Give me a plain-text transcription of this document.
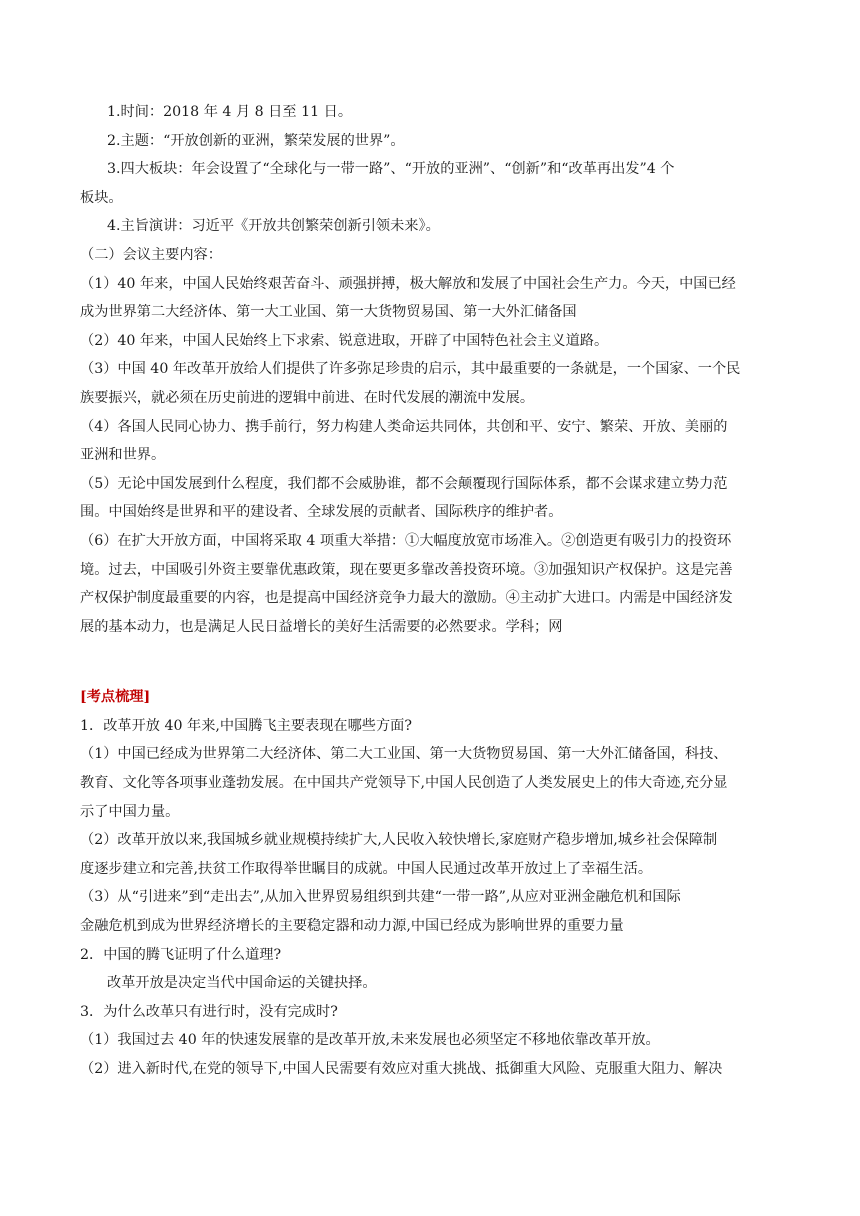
1.时间：2018 年 4 月 8 日至 11 日。
2.主题：“开放创新的亚洲，繁荣发展的世界”。
3.四大板块：年会设置了“全球化与一带一路”、“开放的亚洲”、“创新”和“改革再出发”4 个
板块。
4.主旨演讲：习近平《开放共创繁荣创新引领未来》。
（二）会议主要内容：
（1）40 年来，中国人民始终艰苦奋斗、顽强拼搏，极大解放和发展了中国社会生产力。今天，中国已经
成为世界第二大经济体、第一大工业国、第一大货物贸易国、第一大外汇储备国
（2）40 年来，中国人民始终上下求索、锐意进取，开辟了中国特色社会主义道路。
（3）中国 40 年改革开放给人们提供了许多弥足珍贵的启示，其中最重要的一条就是，一个国家、一个民
族要振兴，就必须在历史前进的逻辑中前进、在时代发展的潮流中发展。
（4）各国人民同心协力、携手前行，努力构建人类命运共同体，共创和平、安宁、繁荣、开放、美丽的
亚洲和世界。
（5）无论中国发展到什么程度，我们都不会威胁谁，都不会颠覆现行国际体系，都不会谋求建立势力范
围。中国始终是世界和平的建设者、全球发展的贡献者、国际秩序的维护者。
（6）在扩大开放方面，中国将采取 4 项重大举措：①大幅度放宽市场准入。②创造更有吸引力的投资环
境。过去，中国吸引外资主要靠优惠政策，现在要更多靠改善投资环境。③加强知识产权保护。这是完善
产权保护制度最重要的内容，也是提高中国经济竞争力最大的激励。④主动扩大进口。内需是中国经济发
展的基本动力，也是满足人民日益增长的美好生活需要的必然要求。学科；网
[考点梳理]
1．改革开放 40 年来,中国腾飞主要表现在哪些方面?
（1）中国已经成为世界第二大经济体、第二大工业国、第一大货物贸易国、第一大外汇储备国，科技、
教育、文化等各项事业蓬勃发展。在中国共产党领导下,中国人民创造了人类发展史上的伟大奇迹,充分显
示了中国力量。
（2）改革开放以来,我国城乡就业规模持续扩大,人民收入较快增长,家庭财产稳步增加,城乡社会保障制
度逐步建立和完善,扶贫工作取得举世瞩目的成就。中国人民通过改革开放过上了幸福生活。
（3）从“引进来”到“走出去”,从加入世界贸易组织到共建“一带一路”,从应对亚洲金融危机和国际
金融危机到成为世界经济增长的主要稳定器和动力源,中国已经成为影响世界的重要力量
2．中国的腾飞证明了什么道理?
改革开放是决定当代中国命运的关键抉择。
3．为什么改革只有进行时，没有完成时?
（1）我国过去 40 年的快速发展靠的是改革开放,未来发展也必须坚定不移地依靠改革开放。
（2）进入新时代,在党的领导下,中国人民需要有效应对重大挑战、抵御重大风险、克服重大阻力、解决
